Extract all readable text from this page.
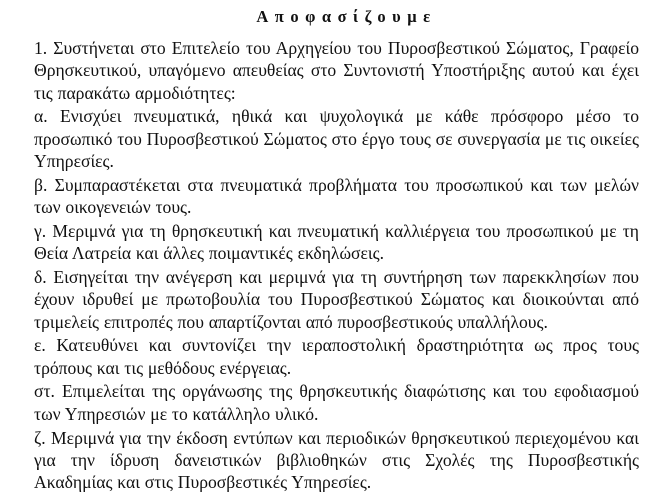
Αποφασίζουμε

1. Συστήνεται στο Επιτελείο του Αρχηγείου του Πυροσβεστικού Σώματος, Γραφείο Θρησκευτικού, υπαγόμενο απευθείας στο Συντονιστή Υποστήριξης αυτού και έχει τις παρακάτω αρμοδιότητες:

α. Ενισχύει πνευματικά, ηθικά και ψυχολογικά με κάθε πρόσφορο μέσο το προσωπικό του Πυροσβεστικού Σώματος στο έργο τους σε συνεργασία με τις οικείες Υπηρεσίες.

β. Συμπαραστέκεται στα πνευματικά προβλήματα του προσωπικού και των μελών των οικογενειών τους.

γ. Μεριμνά για τη θρησκευτική και πνευματική καλλιέργεια του προσωπικού με τη Θεία Λατρεία και άλλες ποιμαντικές εκδηλώσεις.

δ. Εισηγείται την ανέγερση και μεριμνά για τη συντήρηση των παρεκκλησίων που έχουν ιδρυθεί με πρωτοβουλία του Πυροσβεστικού Σώματος και διοικούνται από τριμελείς επιτροπές που απαρτίζονται από πυροσβεστικούς υπαλλήλους.

ε. Κατευθύνει και συντονίζει την ιεραποστολική δραστηριότητα ως προς τους τρόπους και τις μεθόδους ενέργειας.

στ. Επιμελείται της οργάνωσης της θρησκευτικής διαφώτισης και του εφοδιασμού των Υπηρεσιών με το κατάλληλο υλικό.

ζ. Μεριμνά για την έκδοση εντύπων και περιοδικών θρησκευτικού περιεχομένου και για την ίδρυση δανειστικών βιβλιοθηκών στις Σχολές της Πυροσβεστικής Ακαδημίας και στις Πυροσβεστικές Υπηρεσίες.
